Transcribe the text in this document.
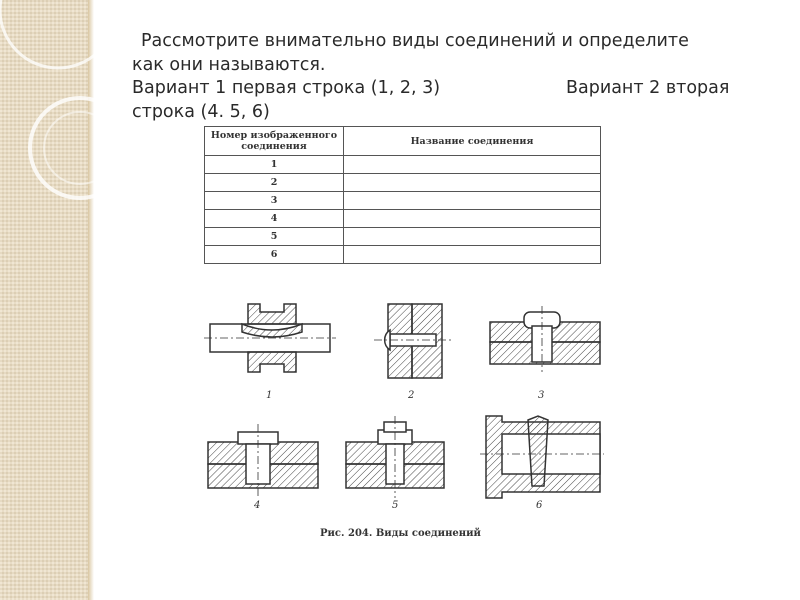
Рассмотрите внимательно виды соединений и определите
как они называются.
Вариант 1 первая строка (1, 2, 3)	Вариант 2 вторая
строка (4. 5, 6)
Номер изображенного соединения	Название соединения
1	
2	
3	
4	
5	
6	
1	2	3
4	5	6
Рис. 204. Виды соединений
